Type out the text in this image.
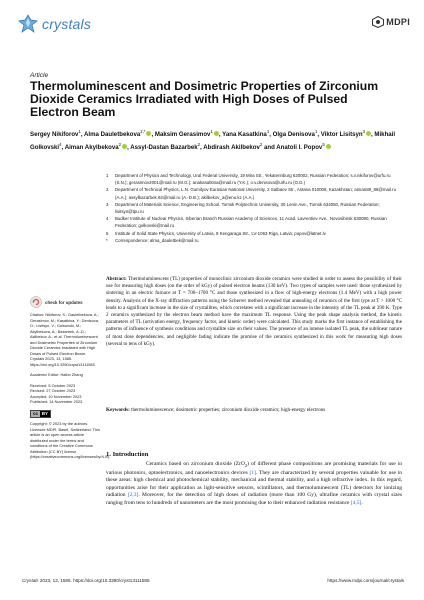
crystals	MDPI
Article
Thermoluminescent and Dosimetric Properties of Zirconium Dioxide Ceramics Irradiated with High Doses of Pulsed Electron Beam
Sergey Nikiforov$^1$, Alma Dauletbekova$^{2,*}$ , Maksim Gerasimov$^1$ , Yana Kasatkina$^1$, Olga Denisova$^1$, Viktor Lisitsyn$^3$ , Mikhail Golkovski$^4$, Aiman Akylbekova$^2$ , Assyl-Dastan Bazarbek$^2$, Abdirash Akilbekov$^2$ and Anatoli I. Popov$^5$
1	Department of Physics and Technology, Ural Federal University, 19 Mira Str., Yekaterinburg 620002, Russian Federation; s.v.nikiforov@urfu.ru (S.N.); gerasimov2001@mail.ru (M.G.); anakasatkina@mail.ru (Y.K.); o.v.denisova@urfu.ru (O.D.)
2	Department of Technical Physics, L.N. Gumilyov Eurasian National University, 2 Satbaev Str., Astana 010008, Kazakhstan; aiman88_88@mail.ru (A.A.); assylbazarbek.92@mail.ru (A.-D.B.); akilbekov_a@enu.kz (A.A.)
3	Department of Materials Science, Engineering School, Tomsk Polytechnic University, 30 Lenin Ave., Tomsk 634050, Russian Federation; lisitsyn@tpu.ru
4	Budker Institute of Nuclear Physics, Siberian Branch Russian Academy of Sciences, 11 Acad. Lavrentiev Ave., Novosibirsk 630090, Russian Federation; golkovski@mail.ru
5	Institute of Solid State Physics, University of Latvia, 8 Kengaraga Str., LV-1063 Riga, Latvia; popov@latnet.lv
*	Correspondence: alma_dauletbek@mail.ru
check for updates

Citation: Nikiforov, S.; Dauletbekova, A.; Gerasimov, M.; Kasatkina, Y.; Denisova, O.; Lisitsyn, V.; Golkovski, M.; Akylbekova, A.; Bazarbek, A.-D.; Akilbekov, A.; et al. Thermoluminescent and Dosimetric Properties of Zirconium Dioxide Ceramics Irradiated with High Doses of Pulsed Electron Beam. Crystals 2023, 13, 1585. https://doi.org/10.3390/cryst13111585

Academic Editor: Haibo Zhang

Received: 5 October 2023

Revised: 27 October 2023

Accepted: 10 November 2023

Published: 14 November 2023

cc BY

Copyright: © 2023 by the authors. Licensee MDPI, Basel, Switzerland. This article is an open access article distributed under the terms and conditions of the Creative Commons Attribution (CC BY) license (https://creativecommons.org/licenses/by/4.0/).

Abstract: Thermoluminescent (TL) properties of monoclinic zirconium dioxide ceramics were studied in order to assess the possibility of their use for measuring high doses (on the order of kGy) of pulsed electron beams (130 keV). Two types of samples were used: those synthesized by sintering in an electric furnace at T = 700–1700 °C and those synthesized in a flow of high-energy electrons (1.4 MeV) with a high power density. Analysis of the X-ray diffraction patterns using the Scherrer method revealed that annealing of ceramics of the first type at T > 1000 °C leads to a significant increase in the size of crystallites, which correlates with a significant increase in the intensity of the TL peak at 390 K. Type 2 ceramics synthesized by the electron beam method have the maximum TL response. Using the peak shape analysis method, the kinetic parameters of TL (activation energy, frequency factor, and kinetic order) were calculated. This study marks the first instance of establishing the patterns of influence of synthesis conditions and crystallite size on their values. The presence of an intense isolated TL peak, the sublinear nature of most dose dependencies, and negligible fading indicate the promise of the ceramics synthesized in this work for measuring high doses (several to tens of kGy).
Keywords: thermoluminescence; dosimetric properties; zirconium dioxide ceramics; high-energy electrons
1. Introduction

Ceramics based on zirconium dioxide (ZrO$_2$) of different phase compositions are promising materials for use in various photonics, optoelectronics, and nanoelectronics devices [1]. They are characterized by several properties valuable for use in these areas: high chemical and photochemical stability, mechanical and thermal stability, and a high refractive index. In this regard, opportunities arise for their application as light-sensitive sensors, scintillators, and thermoluminescent (TL) detectors for ionizing radiation [2,3]. Moreover, for the detection of high doses of radiation (more than 100 Gy), ultrafine ceramics with crystal sizes ranging from tens to hundreds of nanometers are the most promising due to their enhanced radiation resistance [4,5].

Crystals 2023, 13, 1585. https://doi.org/10.3390/cryst13111585	https://www.mdpi.com/journal/crystals
